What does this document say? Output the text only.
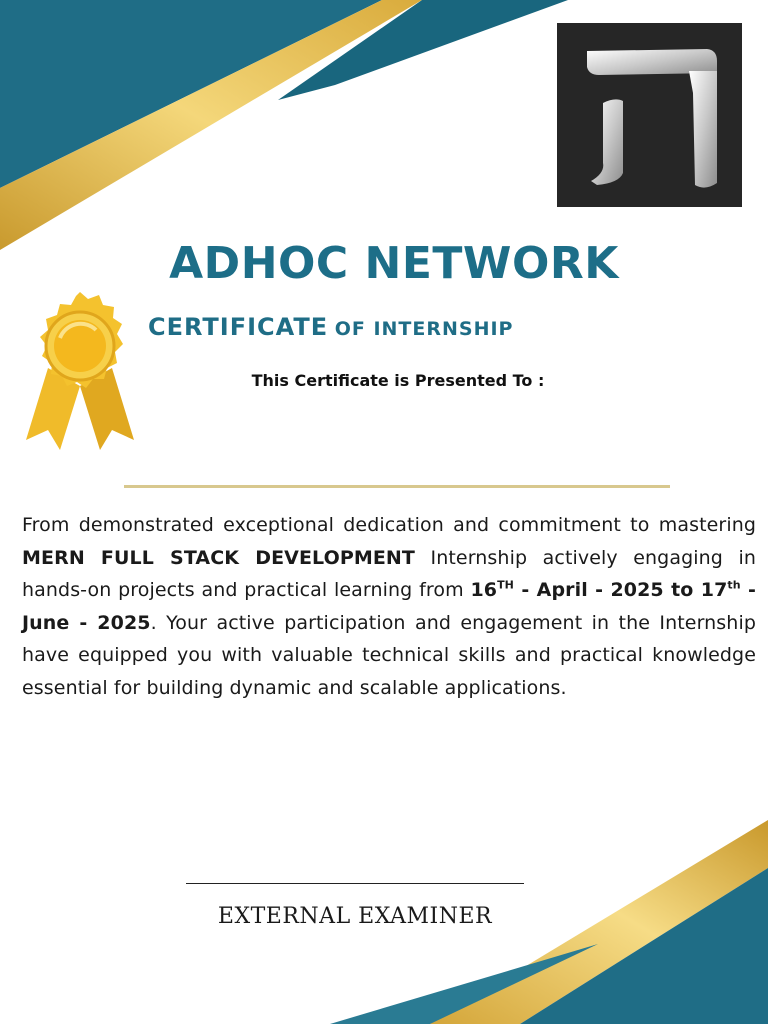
ADHOC NETWORK
CERTIFICATE OF INTERNSHIP
This Certificate is Presented To :
From demonstrated exceptional dedication and commitment to mastering MERN FULL STACK DEVELOPMENT Internship actively engaging in hands-on projects and practical learning from 16TH - April - 2025 to 17th - June - 2025. Your active participation and engagement in the Internship have equipped you with valuable technical skills and practical knowledge essential for building dynamic and scalable applications.
EXTERNAL EXAMINER
